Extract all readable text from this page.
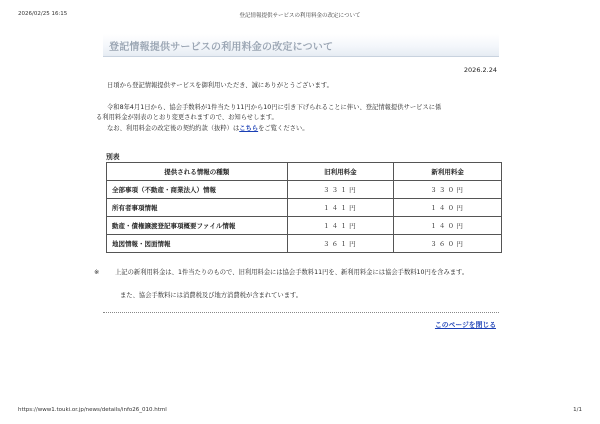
2026/02/25 16:15	登記情報提供サービスの利用料金の改定について
登記情報提供サービスの利用料金の改定について
2026.2.24
日頃から登記情報提供サービスを御利用いただき、誠にありがとうございます。
令和8年4月1日から、協会手数料が1件当たり11円から10円に引き下げられることに伴い、登記情報提供サービスに係
る利用料金が別表のとおり変更されますので、お知らせします。
なお、利用料金の改定後の契約約款（抜粋）はこちらをご覧ください。
別表
提供される情報の種類	旧利用料金	新利用料金
全部事項（不動産・商業法人）情報	３３１円	３３０円
所有者事項情報	１４１円	１４０円
動産・債権譲渡登記事項概要ファイル情報	１４１円	１４０円
地図情報・図面情報	３６１円	３６０円
※ 上記の新利用料金は、1件当たりのもので、旧利用料金には協会手数料11円を、新利用料金には協会手数料10円を含みます。
また、協会手数料には消費税及び地方消費税が含まれています。
このページを閉じる
https://www1.touki.or.jp/news/details/info26_010.html	1/1
